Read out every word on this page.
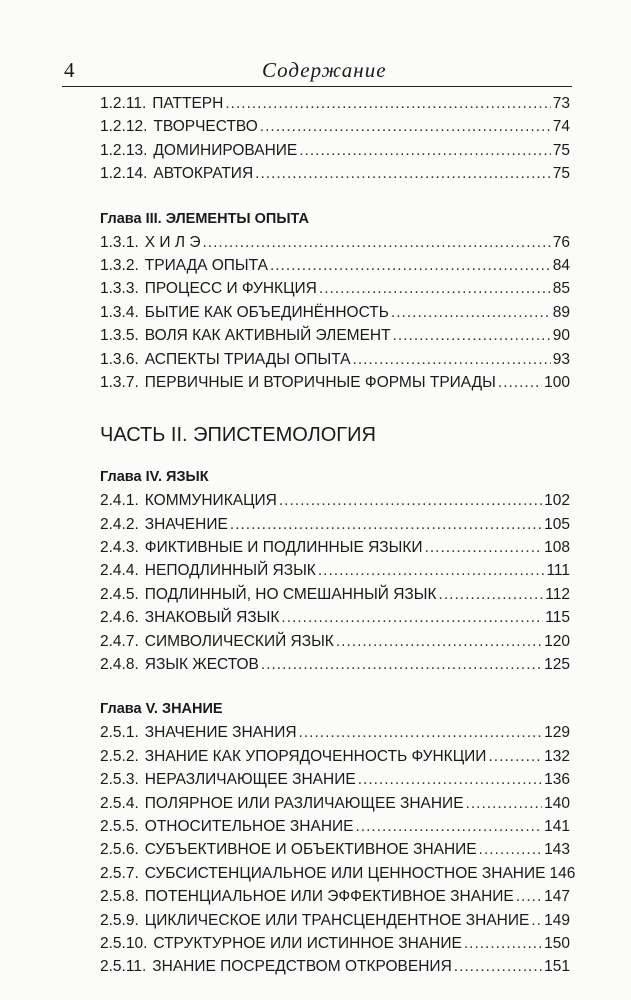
4	Содержание
1.2.11. ПАТТЕРН .....	73
1.2.12. ТВОРЧЕСТВО .....	74
1.2.13. ДОМИНИРОВАНИЕ .....	75
1.2.14. АВТОКРАТИЯ .....	75
Глава III. ЭЛЕМЕНТЫ ОПЫТА
1.3.1. Х И Л Э .....	76
1.3.2. ТРИАДА ОПЫТА .....	84
1.3.3. ПРОЦЕСС И ФУНКЦИЯ .....	85
1.3.4. БЫТИЕ КАК ОБЪЕДИНЁННОСТЬ .....	89
1.3.5. ВОЛЯ КАК АКТИВНЫЙ ЭЛЕМЕНТ .....	90
1.3.6. АСПЕКТЫ ТРИАДЫ ОПЫТА .....	93
1.3.7. ПЕРВИЧНЫЕ И ВТОРИЧНЫЕ ФОРМЫ ТРИАДЫ .....	100
ЧАСТЬ II. ЭПИСТЕМОЛОГИЯ
Глава IV. ЯЗЫК
2.4.1. КОММУНИКАЦИЯ .....	102
2.4.2. ЗНАЧЕНИЕ .....	105
2.4.3. ФИКТИВНЫЕ И ПОДЛИННЫЕ ЯЗЫКИ .....	108
2.4.4. НЕПОДЛИННЫЙ ЯЗЫК .....	111
2.4.5. ПОДЛИННЫЙ, НО СМЕШАННЫЙ ЯЗЫК .....	112
2.4.6. ЗНАКОВЫЙ ЯЗЫК .....	115
2.4.7. СИМВОЛИЧЕСКИЙ ЯЗЫК .....	120
2.4.8. ЯЗЫК ЖЕСТОВ .....	125
Глава V. ЗНАНИЕ
2.5.1. ЗНАЧЕНИЕ ЗНАНИЯ .....	129
2.5.2. ЗНАНИЕ КАК УПОРЯДОЧЕННОСТЬ ФУНКЦИИ .....	132
2.5.3. НЕРАЗЛИЧАЮЩЕЕ ЗНАНИЕ .....	136
2.5.4. ПОЛЯРНОЕ ИЛИ РАЗЛИЧАЮЩЕЕ ЗНАНИЕ .....	140
2.5.5. ОТНОСИТЕЛЬНОЕ ЗНАНИЕ .....	141
2.5.6. СУБЪЕКТИВНОЕ И ОБЪЕКТИВНОЕ ЗНАНИЕ .....	143
2.5.7. СУБСИСТЕНЦИАЛЬНОЕ ИЛИ ЦЕННОСТНОЕ ЗНАНИЕ 146
2.5.8. ПОТЕНЦИАЛЬНОЕ ИЛИ ЭФФЕКТИВНОЕ ЗНАНИЕ ..... 147
2.5.9. ЦИКЛИЧЕСКОЕ ИЛИ ТРАНСЦЕНДЕНТНОЕ ЗНАНИЕ ..... 149
2.5.10. СТРУКТУРНОЕ ИЛИ ИСТИННОЕ ЗНАНИЕ .....	150
2.5.11. ЗНАНИЕ ПОСРЕДСТВОМ ОТКРОВЕНИЯ .....	151
